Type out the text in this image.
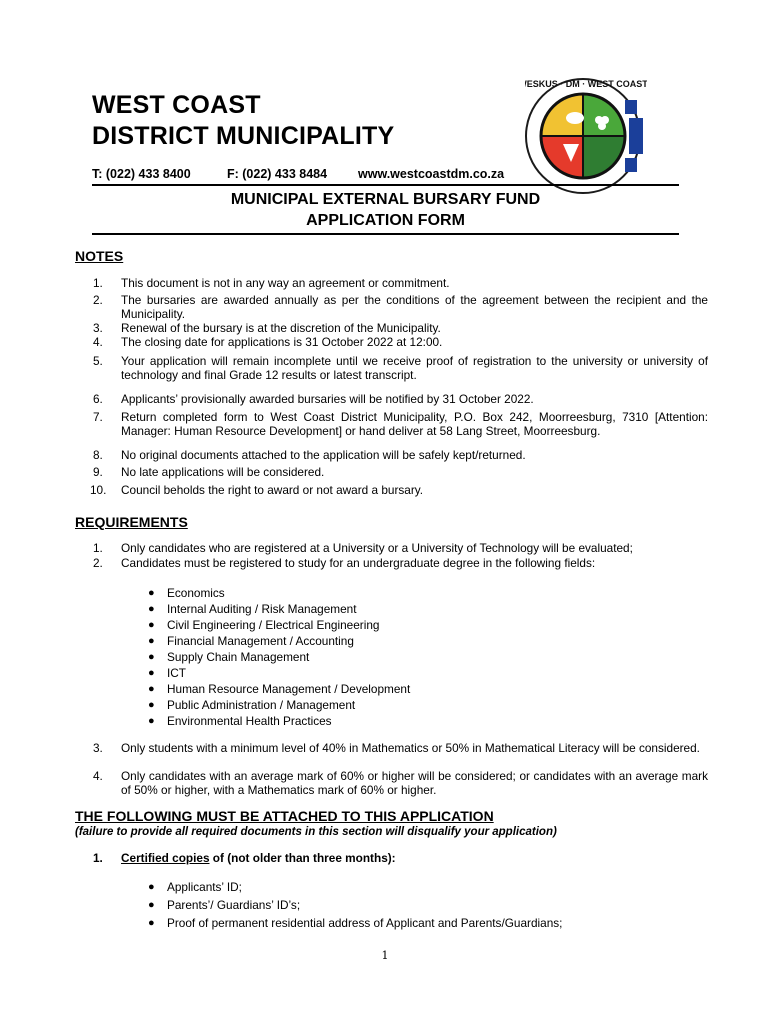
WEST COAST
DISTRICT MUNICIPALITY
T: (022) 433 8400	F: (022) 433 8484	www.westcoastdm.co.za
WESKUS · DM · WEST COAST
MUNICIPAL EXTERNAL BURSARY FUND
APPLICATION FORM
NOTES
1.	This document is not in any way an agreement or commitment.
2.	The bursaries are awarded annually as per the conditions of the agreement between the recipient and the Municipality.
3.	Renewal of the bursary is at the discretion of the Municipality.
4.	The closing date for applications is 31 October 2022 at 12:00.
5.	Your application will remain incomplete until we receive proof of registration to the university or university of technology and final Grade 12 results or latest transcript.
6.	Applicants’ provisionally awarded bursaries will be notified by 31 October 2022.
7.	Return completed form to West Coast District Municipality, P.O. Box 242, Moorreesburg, 7310 [Attention: Manager: Human Resource Development] or hand deliver at 58 Lang Street, Moorreesburg.
8.	No original documents attached to the application will be safely kept/returned.
9.	No late applications will be considered.
10.	Council beholds the right to award or not award a bursary.
REQUIREMENTS
1.	Only candidates who are registered at a University or a University of Technology will be evaluated;
2.	Candidates must be registered to study for an undergraduate degree in the following fields:
3.	Only students with a minimum level of 40% in Mathematics or 50% in Mathematical Literacy will be considered.
4.	Only candidates with an average mark of 60% or higher will be considered; or candidates with an average mark of 50% or higher, with a Mathematics mark of 60% or higher.
●	Economics
●	Internal Auditing / Risk Management
●	Civil Engineering / Electrical Engineering
●	Financial Management / Accounting
●	Supply Chain Management
●	ICT
●	Human Resource Management / Development
●	Public Administration / Management
●	Environmental Health Practices
THE FOLLOWING MUST BE ATTACHED TO THIS APPLICATION
(failure to provide all required documents in this section will disqualify your application)
1.	Certified copies of (not older than three months):
●	Applicants’ ID;
●	Parents’/ Guardians’ ID’s;
●	Proof of permanent residential address of Applicant and Parents/Guardians;
1
